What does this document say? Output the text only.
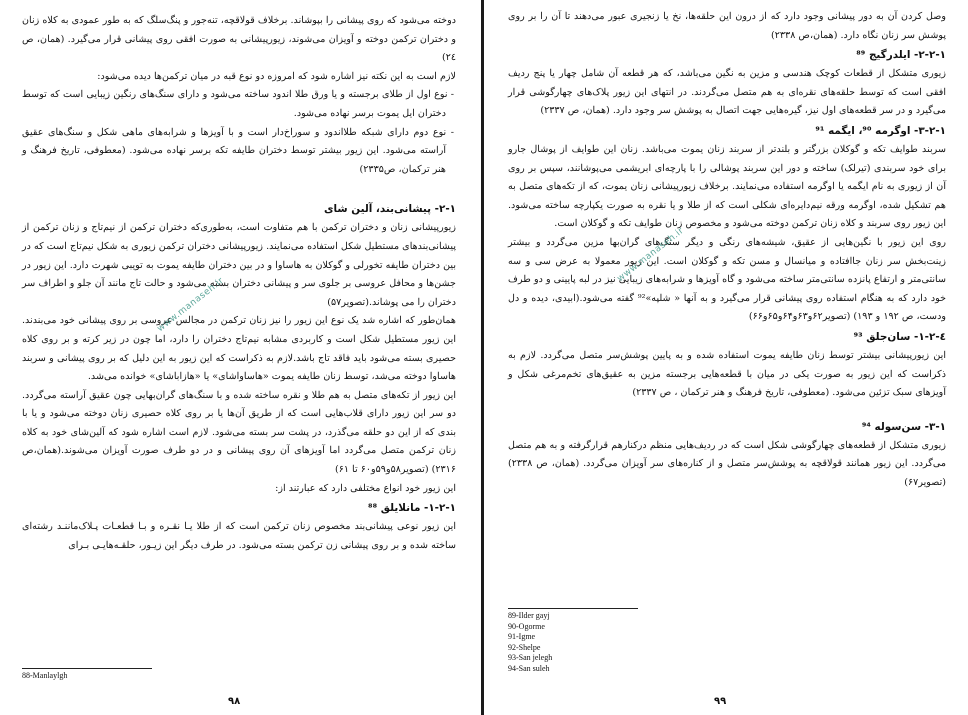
دوخته می‌شود که روی پیشانی را بپوشاند. برخلاف قولاقچه، تنه‌جور و پنگ‌سلگ که به طور عمودی به کلاه زنان و دختران ترکمن دوخته و آویزان می‌شوند، زیورپیشانی به صورت افقی روی پیشانی قرار می‌گیرد. (همان، ص ۲٤)

لازم است به این نکته نیز اشاره شود که امروزه دو نوع قبه در میان ترکمن‌ها دیده می‌شود:

- نوع اول از طلای برجسته و یا ورق طلا اندود ساخته می‌شود و دارای سنگ‌های رنگین زیبایی است که توسط دختران ایل یموت برسر نهاده می‌شود.
- نوع دوم دارای شبکه طلااندود و سوراخ‌دار است و با آویزها و شرابه‌های ماهی شکل و سنگ‌های عقیق آراسته می‌شود. این زیور بیشتر توسط دختران طایفه تکه برسر نهاده می‌شود. (معطوفی، تاریخ فرهنگ و هنر ترکمان، ص۲۳۳۵)
۲-۱- پیشانی‌بند، آلین شای

زیورپیشانی زنان و دختران ترکمن با هم متفاوت است، به‌طوری‌که دختران ترکمن از نیم‌تاج و زنان ترکمن از پیشانی‌بندهای مستطیل شکل استفاده می‌نمایند. زیورپیشانی دختران ترکمن زیوری به شکل نیم‌تاج است که در بین دختران طایفه تخورلی و گوکلان به هاساوا و در بین دختران طایفه یموت به تویبی شهرت دارد. این زیور در جشن‌ها و محافل عروسی بر جلوی سر و پیشانی دختران بسته می‌شود و حالت تاج مانند آن جلو و اطراف سر دختران را می پوشاند.(تصویر۵۷)

همان‌طور که اشاره شد یک نوع این زیور را نیز زنان ترکمن در مجالس عروسی بر روی پیشانی خود می‌بندند. این زیور مستطیل شکل است و کاربردی مشابه نیم‌تاج دختران را دارد، اما چون در زیر کرته و بر روی کلاه حصیری بسته می‌شود باید فاقد تاج باشد.لازم به ذکراست که این زیور به این دلیل که بر روی پیشانی و سربند هاساوا دوخته می‌شد، توسط زنان طایفه یموت «هاساواشای» یا «هازاباشای» خوانده می‌شد.

این زیور از تکه‌های متصل به هم طلا و نقره ساخته شده و با سنگ‌های گران‌بهایی چون عقیق آراسته می‌گردد. دو سر این زیور دارای قلاب‌هایی است که از طریق آن‌ها یا بر روی کلاه حصیری زنان دوخته می‌شود و یا با بندی که از این دو حلقه می‌گذرد، در پشت سر بسته می‌شود. لازم است اشاره شود که آلین‌شای خود به کلاه زنان ترکمن متصل می‌گردد اما آویزهای آن روی پیشانی و در دو طرف صورت آویزان می‌شوند.(همان،ص ۲۳۱۶) (تصویر۵۸و۵۹و۶۰ تا ۶۱)

این زیور خود انواع مختلفی دارد که عبارتند از:

۱-۲-۱- مانلایلق ⁸⁸

این زیور نوعی پیشانی‌بند مخصوص زنان ترکمن است که از طلا یـا نقـره و بـا قطعـات پـلاک‌ماننـد رشته‌ای ساخته شده و بر روی پیشانی زن ترکمن بسته می‌شود. در طرف دیگر این زیـور، حلقـه‌هایـی بـرای

88-Manlaylgh
۹۸

وصل کردن آن به دور پیشانی وجود دارد که از درون این حلقه‌ها، نخ یا زنجیری عبور می‌دهند تا آن را بر روی پوشش سر زنان نگاه دارد. (همان،ص ۲۳۳۸)

۲-۲-۱- ایلدرگیج ⁸⁹

زیوری متشکل از قطعات کوچک هندسی و مزین به نگین می‌باشد، که هر قطعه آن شامل چهار یا پنج ردیف افقی است که توسط حلقه‌های نقره‌ای به هم متصل می‌گردند. در انتهای این زیور پلاک‌های چهارگوشی قرار می‌گیرد و در سر قطعه‌های اول نیز، گیره‌هایی جهت اتصال به پوشش سر وجود دارد. (همان، ص ۲۳۳۷)

۳-۲-۱- اوگرمه ⁹⁰، ایگمه ⁹¹

سربند طوایف تکه و گوکلان بزرگتر و بلندتر از سربند زنان یموت می‌باشد. زنان این طوایف از پوشال جارو برای خود سربندی (تیرلک) ساخته و دور این سربند پوشالی را با پارچه‌ای ابریشمی می‌پوشانند، سپس بر روی آن از زیوری به نام ایگمه یا اوگرمه استفاده می‌نمایند. برخلاف زیورپیشانی زنان یموت، که از تکه‌های متصل به هم تشکیل شده، اوگرمه ورقه نیم‌دایره‌ای شکلی است که از طلا و یا نقره به صورت یکپارچه ساخته می‌شود. این زیور روی سربند و کلاه زنان ترکمن دوخته می‌شود و مخصوص زنان طوایف تکه و گوکلان است.

روی این زیور با نگین‌هایی از عقیق، شیشه‌های رنگی و دیگر سنگ‌های گران‌بها مزین می‌گردد و بیشتر زینت‌بخش سر زنان جاافتاده و میانسال و مسن تکه و گوکلان است. این زیور معمولا به عرض سی و سه سانتی‌متر و ارتفاع پانزده سانتی‌متر ساخته می‌شود و گاه آویزها و شرابه‌های زیبایی نیز در لبه پایینی و دو طرف خود دارد که به هنگام استفاده روی پیشانی قرار می‌گیرد و به آنها « شلپه»⁹² گفته می‌شود.(ابیدی، دیده و دل ودست، ص ۱۹۲ و ۱۹۳) (تصویر۶۲و۶۳و۶۴و۶۵و۶۶)

٤-٢-١- سان‌جلق ⁹³

این زیورپیشانی بیشتر توسط زنان طایفه یموت استفاده شده و به پایین پوشش‌سر متصل می‌گردد. لازم به ذکراست که این زیور به صورت یکی در میان با قطعه‌هایی برجسته مزین به عقیق‌های تخم‌مرغی شکل و آویزهای سبک تزئین می‌شود. (معطوفی، تاریخ فرهنگ و هنر ترکمان ، ص ۲۳۳۷)

۳-۱- سن‌سوله ⁹⁴

زیوری متشکل از قطعه‌های چهارگوشی شکل است که در ردیف‌هایی منظم درکنارهم قرارگرفته و به هم متصل می‌گردد. این زیور همانند قولاقچه به پوشش‌سر متصل و از کناره‌های سر آویزان می‌گردد. (همان، ص ۲۳۳۸) (تصویر۶۷)

89-Ilder gayj
90-Ogorme
91-Igme
92-Shelpe
93-San jelegh
94-San suleh
۹۹
www.manaseh.ir
www.manaseh.ir
